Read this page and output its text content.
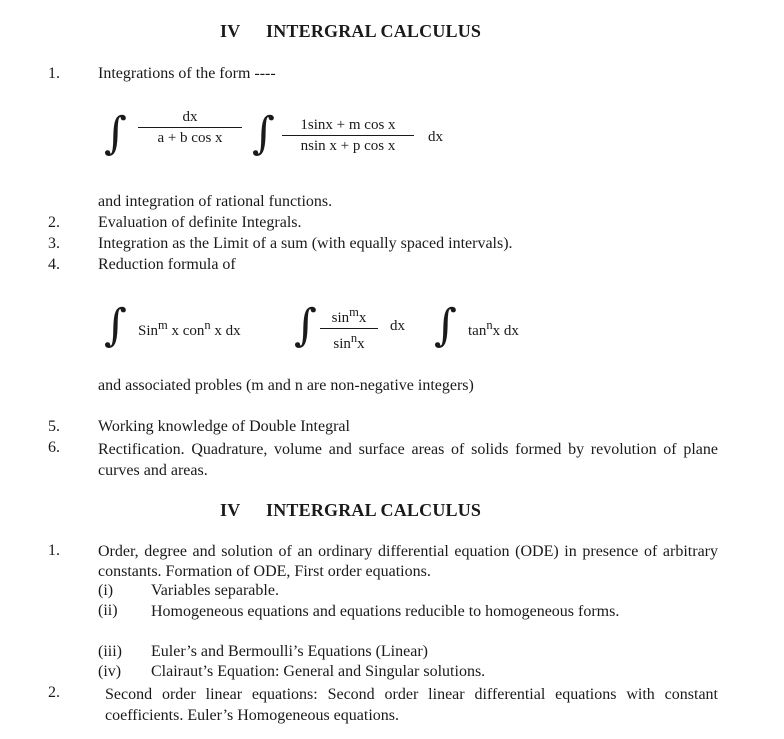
IV INTERGRAL CALCULUS
1. Integrations of the form ----
∫ $\frac{dx}{\text{a + b cos x}}$ ∫ $\frac{\text{1sinx + m cos x}}{\text{nsin x + p cos x}}$ dx
and integration of rational functions.
2. Evaluation of definite Integrals.
3. Integration as the Limit of a sum (with equally spaced intervals).
4. Reduction formula of
∫ Sin$^m$ x con$^n$ x dx ∫ $\frac{\sin^mx}{\sin^nx}$ dx ∫ $\tan^nx$ dx
and associated probles (m and n are non-negative integers)
5. Working knowledge of Double Integral
6. Rectification. Quadrature, volume and surface areas of solids formed by revolution of plane curves and areas.
IV INTERGRAL CALCULUS
1. Order, degree and solution of an ordinary differential equation (ODE) in presence of arbitrary constants. Formation of ODE, First order equations.
(i) Variables separable.
(ii) Homogeneous equations and equations reducible to homogeneous forms.
(iii) Euler’s and Bermoulli’s Equations (Linear)
(iv) Clairaut’s Equation: General and Singular solutions.
2.	Second order linear equations: Second order linear differential equations with constant coefficients. Euler’s Homogeneous equations.
